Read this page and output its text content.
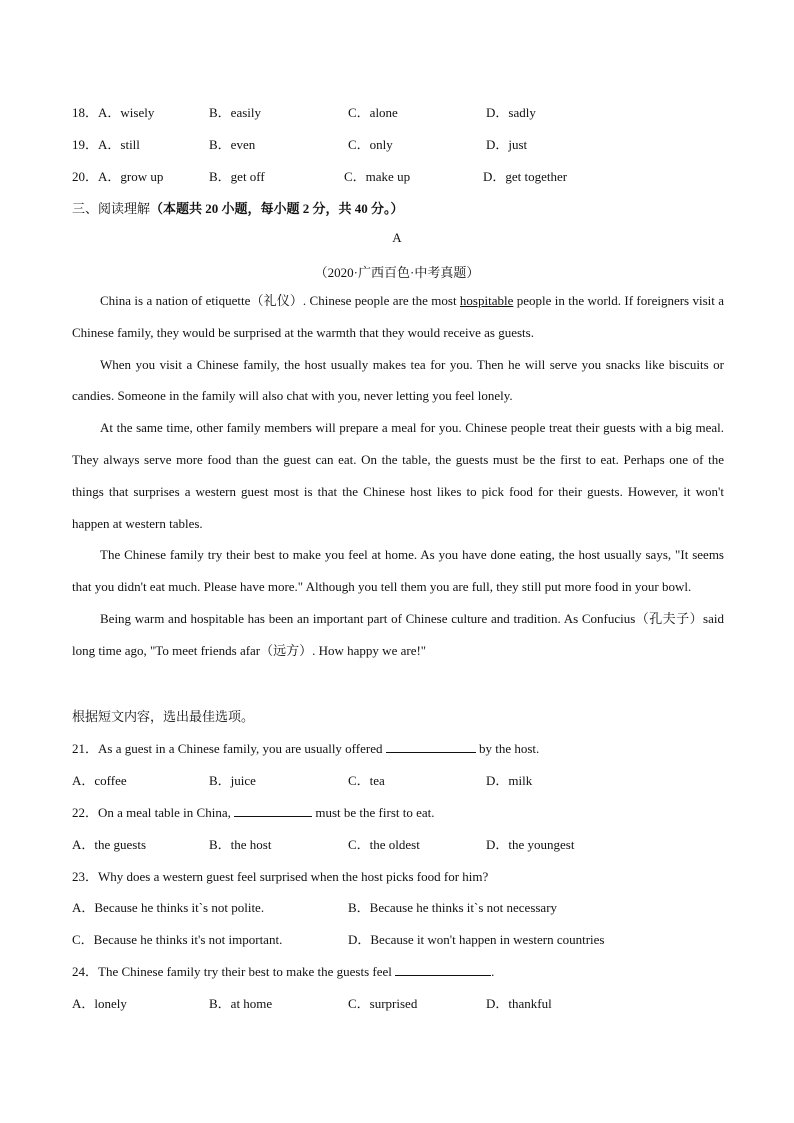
18．A．wisely	B．easily	C．alone	D．sadly
19．A．still	B．even	C．only	D．just
20．A．grow up	B．get off	C．make up	D．get together
三、阅读理解（本题共 20 小题，每小题 2 分，共 40 分。）
A
（2020·广西百色·中考真题）

China is a nation of etiquette（礼仪）. Chinese people are the most hospitable people in the world. If foreigners visit a Chinese family, they would be surprised at the warmth that they would receive as guests.

When you visit a Chinese family, the host usually makes tea for you. Then he will serve you snacks like biscuits or candies. Someone in the family will also chat with you, never letting you feel lonely.

At the same time, other family members will prepare a meal for you. Chinese people treat their guests with a big meal. They always serve more food than the guest can eat. On the table, the guests must be the first to eat. Perhaps one of the things that surprises a western guest most is that the Chinese host likes to pick food for their guests. However, it won't happen at western tables.

The Chinese family try their best to make you feel at home. As you have done eating, the host usually says, "It seems that you didn't eat much. Please have more." Although you tell them you are full, they still put more food in your bowl.

Being warm and hospitable has been an important part of Chinese culture and tradition. As Confucius（孔夫子）said long time ago, "To meet friends afar（远方）. How happy we are!"

根据短文内容，选出最佳选项。
21．As a guest in a Chinese family, you are usually offered	by the host.
A．coffee	B．juice	C．tea	D．milk
22．On a meal table in China,	must be the first to eat.
A．the guests	B．the host	C．the oldest	D．the youngest
23．Why does a western guest feel surprised when the host picks food for him?
A．Because he thinks it`s not polite.	B．Because he thinks it`s not necessary
C．Because he thinks it's not important.	D．Because it won't happen in western countries
24．The Chinese family try their best to make the guests feel	.
A．lonely	B．at home	C．surprised	D．thankful
